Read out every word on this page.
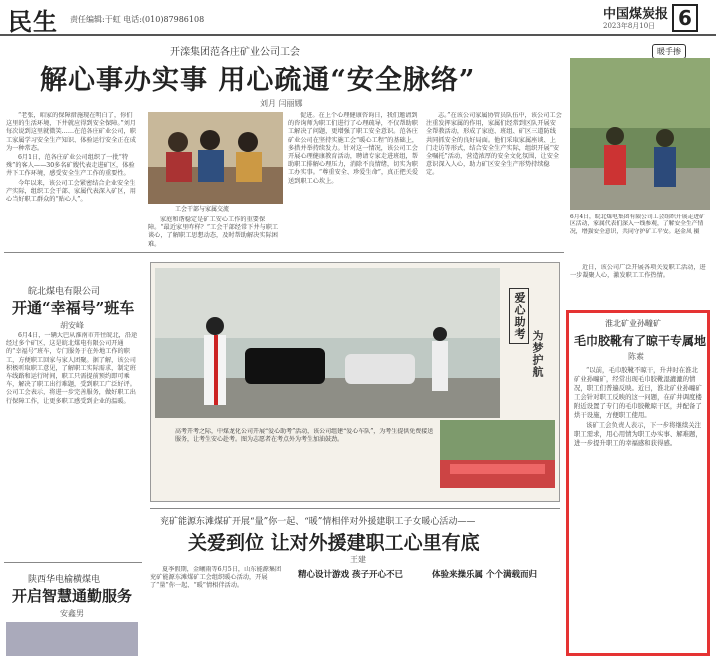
民生 责任编辑:于虹 电话:(010)87986108	中国煤炭报
2023年8月10日	6
开滦集团范各庄矿业公司工会
解心事办实事 用心疏通“安全脉络”
刘月 闫丽娜

“老张，咱家的保障措施现在明白了，你们这里的生活环境，下井就应得到安全保障。”刘月每次说到这里就微笑……在范各庄矿业公司，职工家属学习安全生产知识、体验运行安全正在成为一种常态。

6月1日，范各庄矿业公司组织了一批“特殊”的客人——30多名矿嫂代表走进矿区，体验井下工作环境，感受安全生产工作的重要性。

今年以来，该公司工会紧密结合企业安全生产实际，组织工会干部、家属代表深入矿区，用心当好职工群众的“贴心人”。

工会干部与家属交流
家庭和谐稳定是矿工安心工作的重要保障。“最近家里咋样？”工会干部经常下井与职工谈心，了解职工思想动态，及时帮助解决实际困难。
促进。在上个心理健康咨询日，我们邀请到的咨询师为职工们进行了心理疏导，不仅帮助职工解决了问题，更增强了职工安全意识。范各庄矿业公司在坚持实施工会“暖心工程”的基础上，多措并举持续发力。针对这一情况，该公司工会开展心理健康教育活动，聘请专家走进班组，帮助职工排解心理压力，消除不良情绪，切实为职工办实事。“尊重安全、珍爱生命”，真正把关爱送到职工心坎上。
志。”在该公司家属协管员队伍中，该公司工会注重发挥家属的作用，家属们经常到区队开展安全帮教活动，形成了家庭、班组、矿区三道防线共同抓安全的良好局面。他们采取家属座谈、上门走访等形式，结合安全生产实际，组织开展“安全嘱托”活动，营造浓厚的安全文化氛围，让安全意识深入人心，助力矿区安全生产形势持续稳定。
暖手掺
6月4日，皖北煤电集团有限公司工会组织开展走进矿区活动，家属代表们深入一线参观，了解安全生产情况，增强安全意识，共同守护矿工平安。赵金凤 摄
近日，该公司广泛开展各项关爱职工活动，进一步凝聚人心，激发职工工作热情。
皖北煤电有限公司
开通“幸福号”班车
胡安峰
6月4日，一辆大巴从淮南市开往皖北，沿途经过多个矿区，这是皖北煤电有限公司开通的“幸福号”班车，专门服务于在外地工作的职工，方便职工回家与家人团聚。据了解，该公司积极听取职工意见，了解职工实际需求，制定班车线路和运行时间，职工只需提前预约即可乘车，解决了职工出行难题，受到职工广泛好评。公司工会表示，将进一步完善服务，做好职工出行保障工作，让更多职工感受到企业的温暖。
陕西华电榆横煤电
开启智慧通勤服务
安鑫男
爱心助考
为梦护航
高考开考之际，中煤龙化公司开展“爱心助考”活动，该公司组建“爱心车队”，为考生提供免费接送服务，让考生安心赴考。图为志愿者在考点外为考生加油鼓劲。
兖矿能源东滩煤矿开展“量”你一起、“暖”情相伴对外援建职工子女暖心活动——
关爱到位 让对外援建职工心里有底
王建
夏季假期，金曦雨等6月5日，山东能源集团兖矿能源东滩煤矿工会组织暖心活动，开展了“量”你一起、“暖”情相伴活动。
精心设计游戏 孩子开心不已	体验来操乐属 个个满载而归
淮北矿业孙疃矿
毛巾胶靴有了晾干专属地
陈素

“以前，毛巾胶靴不晾干，升井时在淮北矿业孙疃矿，经常出现毛巾胶靴湿漉漉的情况，职工们普遍反映。近日，淮北矿业孙疃矿工会针对职工反映的这一问题，在矿井调度楼附近设置了专门的毛巾胶靴晾干区，并配备了烘干设施，方便职工使用。

该矿工会负责人表示，下一步将继续关注职工需求，用心用情为职工办实事、解难题，进一步提升职工的幸福感和获得感。
